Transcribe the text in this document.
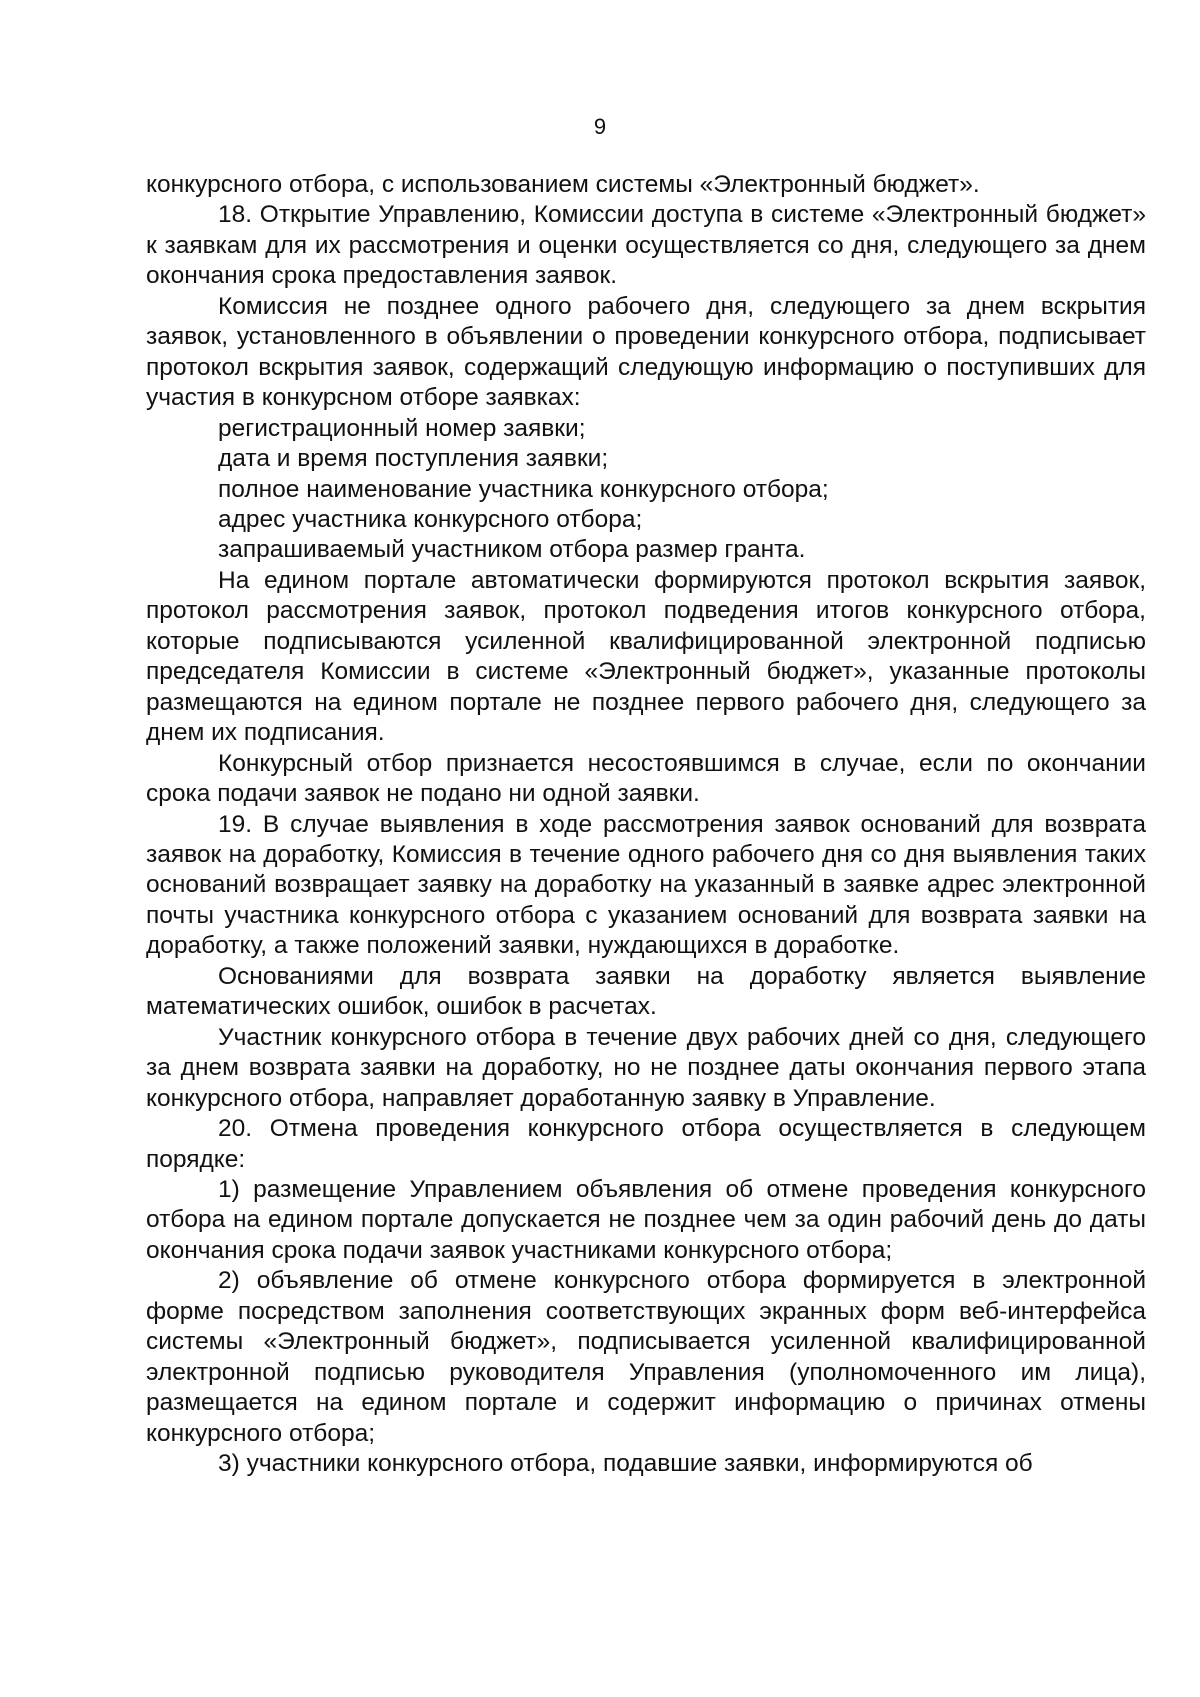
9

конкурсного отбора, с использованием системы «Электронный бюджет».

18. Открытие Управлению, Комиссии доступа в системе «Электронный бюджет» к заявкам для их рассмотрения и оценки осуществляется со дня, следующего за днем окончания срока предоставления заявок.

Комиссия не позднее одного рабочего дня, следующего за днем вскрытия заявок, установленного в объявлении о проведении конкурсного отбора, подписывает протокол вскрытия заявок, содержащий следующую информацию о поступивших для участия в конкурсном отборе заявках:

регистрационный номер заявки;

дата и время поступления заявки;

полное наименование участника конкурсного отбора;

адрес участника конкурсного отбора;

запрашиваемый участником отбора размер гранта.

На едином портале автоматически формируются протокол вскрытия заявок, протокол рассмотрения заявок, протокол подведения итогов конкурсного отбора, которые подписываются усиленной квалифицированной электронной подписью председателя Комиссии в системе «Электронный бюджет», указанные протоколы размещаются на едином портале не позднее первого рабочего дня, следующего за днем их подписания.

Конкурсный отбор признается несостоявшимся в случае, если по окончании срока подачи заявок не подано ни одной заявки.

19. В случае выявления в ходе рассмотрения заявок оснований для возврата заявок на доработку, Комиссия в течение одного рабочего дня со дня выявления таких оснований возвращает заявку на доработку на указанный в заявке адрес электронной почты участника конкурсного отбора с указанием оснований для возврата заявки на доработку, а также положений заявки, нуждающихся в доработке.

Основаниями для возврата заявки на доработку является выявление математических ошибок, ошибок в расчетах.

Участник конкурсного отбора в течение двух рабочих дней со дня, следующего за днем возврата заявки на доработку, но не позднее даты окончания первого этапа конкурсного отбора, направляет доработанную заявку в Управление.

20. Отмена проведения конкурсного отбора осуществляется в следующем порядке:

1) размещение Управлением объявления об отмене проведения конкурсного отбора на едином портале допускается не позднее чем за один рабочий день до даты окончания срока подачи заявок участниками конкурсного отбора;

2) объявление об отмене конкурсного отбора формируется в электронной форме посредством заполнения соответствующих экранных форм веб-интерфейса системы «Электронный бюджет», подписывается усиленной квалифицированной электронной подписью руководителя Управления (уполномоченного им лица), размещается на едином портале и содержит информацию о причинах отмены конкурсного отбора;

3) участники конкурсного отбора, подавшие заявки, информируются об
